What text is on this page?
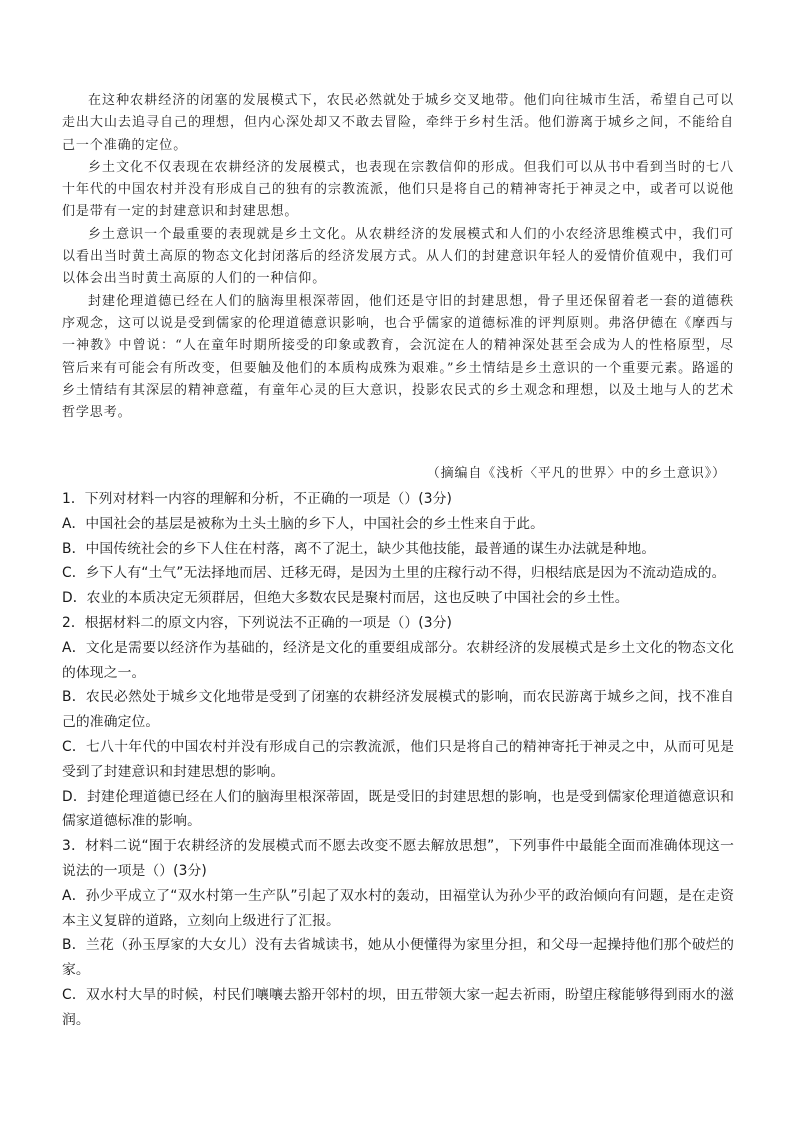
在这种农耕经济的闭塞的发展模式下，农民必然就处于城乡交叉地带。他们向往城市生活，希望自己可以走出大山去追寻自己的理想，但内心深处却又不敢去冒险，牵绊于乡村生活。他们游离于城乡之间，不能给自己一个准确的定位。

乡土文化不仅表现在农耕经济的发展模式，也表现在宗教信仰的形成。但我们可以从书中看到当时的七八十年代的中国农村并没有形成自己的独有的宗教流派，他们只是将自己的精神寄托于神灵之中，或者可以说他们是带有一定的封建意识和封建思想。

乡土意识一个最重要的表现就是乡土文化。从农耕经济的发展模式和人们的小农经济思维模式中，我们可以看出当时黄土高原的物态文化封闭落后的经济发展方式。从人们的封建意识年轻人的爱情价值观中，我们可以体会出当时黄土高原的人们的一种信仰。

封建伦理道德已经在人们的脑海里根深蒂固，他们还是守旧的封建思想，骨子里还保留着老一套的道德秩序观念，这可以说是受到儒家的伦理道德意识影响，也合乎儒家的道德标准的评判原则。弗洛伊德在《摩西与一神教》中曾说：“人在童年时期所接受的印象或教育，会沉淀在人的精神深处甚至会成为人的性格原型，尽管后来有可能会有所改变，但要触及他们的本质构成殊为艰难。”乡土情结是乡土意识的一个重要元素。路遥的乡土情结有其深层的精神意蕴，有童年心灵的巨大意识，投影农民式的乡土观念和理想，以及土地与人的艺术哲学思考。

（摘编自《浅析〈平凡的世界〉中的乡土意识》）
1．下列对材料一内容的理解和分析，不正确的一项是（）(3分)
A．中国社会的基层是被称为土头土脑的乡下人，中国社会的乡土性来自于此。
B．中国传统社会的乡下人住在村落，离不了泥土，缺少其他技能，最普通的谋生办法就是种地。
C．乡下人有“土气”无法择地而居、迁移无碍，是因为土里的庄稼行动不得，归根结底是因为不流动造成的。
D．农业的本质决定无须群居，但绝大多数农民是聚村而居，这也反映了中国社会的乡土性。
2．根据材料二的原文内容，下列说法不正确的一项是（）(3分)
A．文化是需要以经济作为基础的，经济是文化的重要组成部分。农耕经济的发展模式是乡土文化的物态文化的体现之一。
B．农民必然处于城乡文化地带是受到了闭塞的农耕经济发展模式的影响，而农民游离于城乡之间，找不准自己的准确定位。
C．七八十年代的中国农村并没有形成自己的宗教流派，他们只是将自己的精神寄托于神灵之中，从而可见是受到了封建意识和封建思想的影响。
D．封建伦理道德已经在人们的脑海里根深蒂固，既是受旧的封建思想的影响，也是受到儒家伦理道德意识和儒家道德标准的影响。
3．材料二说“囿于农耕经济的发展模式而不愿去改变不愿去解放思想”，下列事件中最能全面而准确体现这一说法的一项是（）(3分)
A．孙少平成立了“双水村第一生产队”引起了双水村的轰动，田福堂认为孙少平的政治倾向有问题，是在走资本主义复辟的道路，立刻向上级进行了汇报。
B．兰花（孙玉厚家的大女儿）没有去省城读书，她从小便懂得为家里分担，和父母一起操持他们那个破烂的家。
C．双水村大旱的时候，村民们嚷嚷去豁开邻村的坝，田五带领大家一起去祈雨，盼望庄稼能够得到雨水的滋润。
